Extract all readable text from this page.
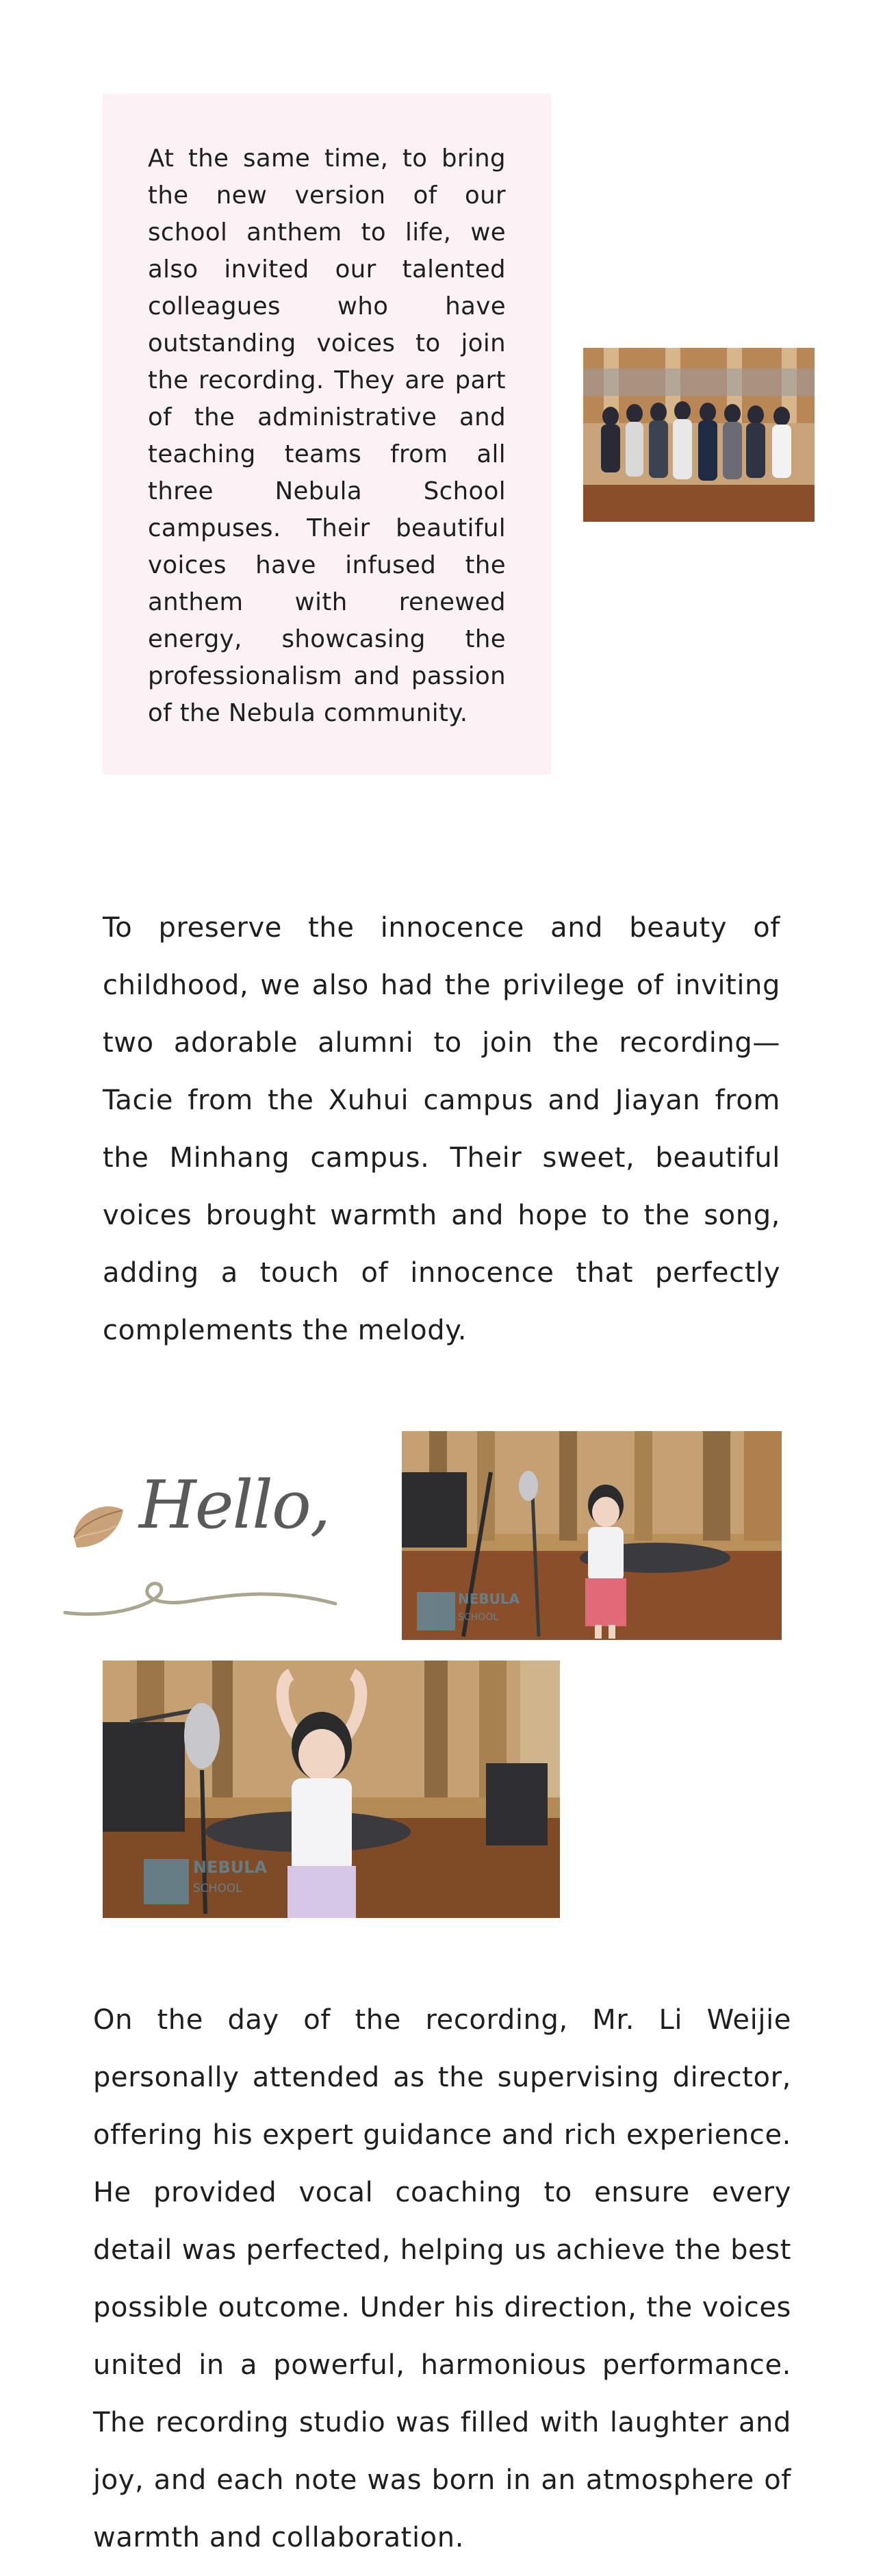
At the same time, to bring the new version of our school anthem to life, we also invited our talented colleagues who have outstanding voices to join the recording. They are part of the administrative and teaching teams from all three Nebula School campuses. Their beautiful voices have infused the anthem with renewed energy, showcasing the professionalism and passion of the Nebula community.

To preserve the innocence and beauty of childhood, we also had the privilege of inviting two adorable alumni to join the recording—Tacie from the Xuhui campus and Jiayan from the Minhang campus. Their sweet, beautiful voices brought warmth and hope to the song, adding a touch of innocence that perfectly complements the melody.

Hello,
NEBULA
SCHOOL
NEBULA
SCHOOL

On the day of the recording, Mr. Li Weijie personally attended as the supervising director, offering his expert guidance and rich experience. He provided vocal coaching to ensure every detail was perfected, helping us achieve the best possible outcome. Under his direction, the voices united in a powerful, harmonious performance. The recording studio was filled with laughter and joy, and each note was born in an atmosphere of warmth and collaboration.
